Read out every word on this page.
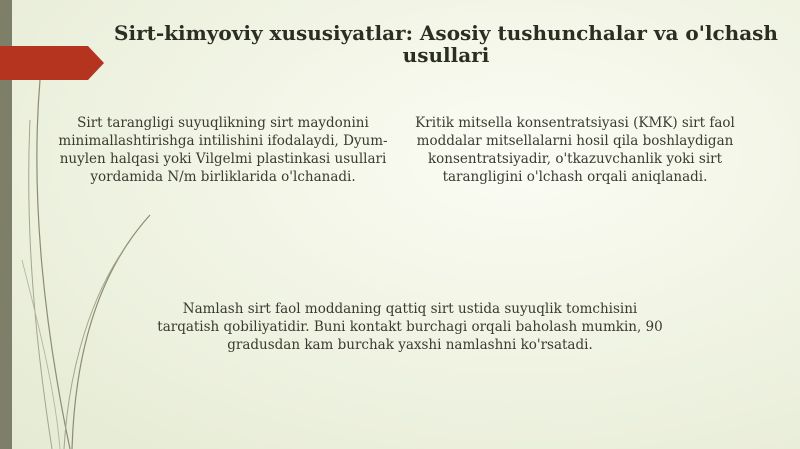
Sirt-kimyoviy xususiyatlar: Asosiy tushunchalar va o'lchash usullari

Sirt tarangligi suyuqlikning sirt maydonini minimallashtirishga intilishini ifodalaydi, Dyum-nuylen halqasi yoki Vilgelmi plastinkasi usullari yordamida N/m birliklarida o'lchanadi.

Kritik mitsella konsentratsiyasi (KMK) sirt faol moddalar mitsellalarni hosil qila boshlaydigan konsentratsiyadir, o'tkazuvchanlik yoki sirt tarangligini o'lchash orqali aniqlanadi.

Namlash sirt faol moddaning qattiq sirt ustida suyuqlik tomchisini tarqatish qobiliyatidir. Buni kontakt burchagi orqali baholash mumkin, 90 gradusdan kam burchak yaxshi namlashni ko'rsatadi.
